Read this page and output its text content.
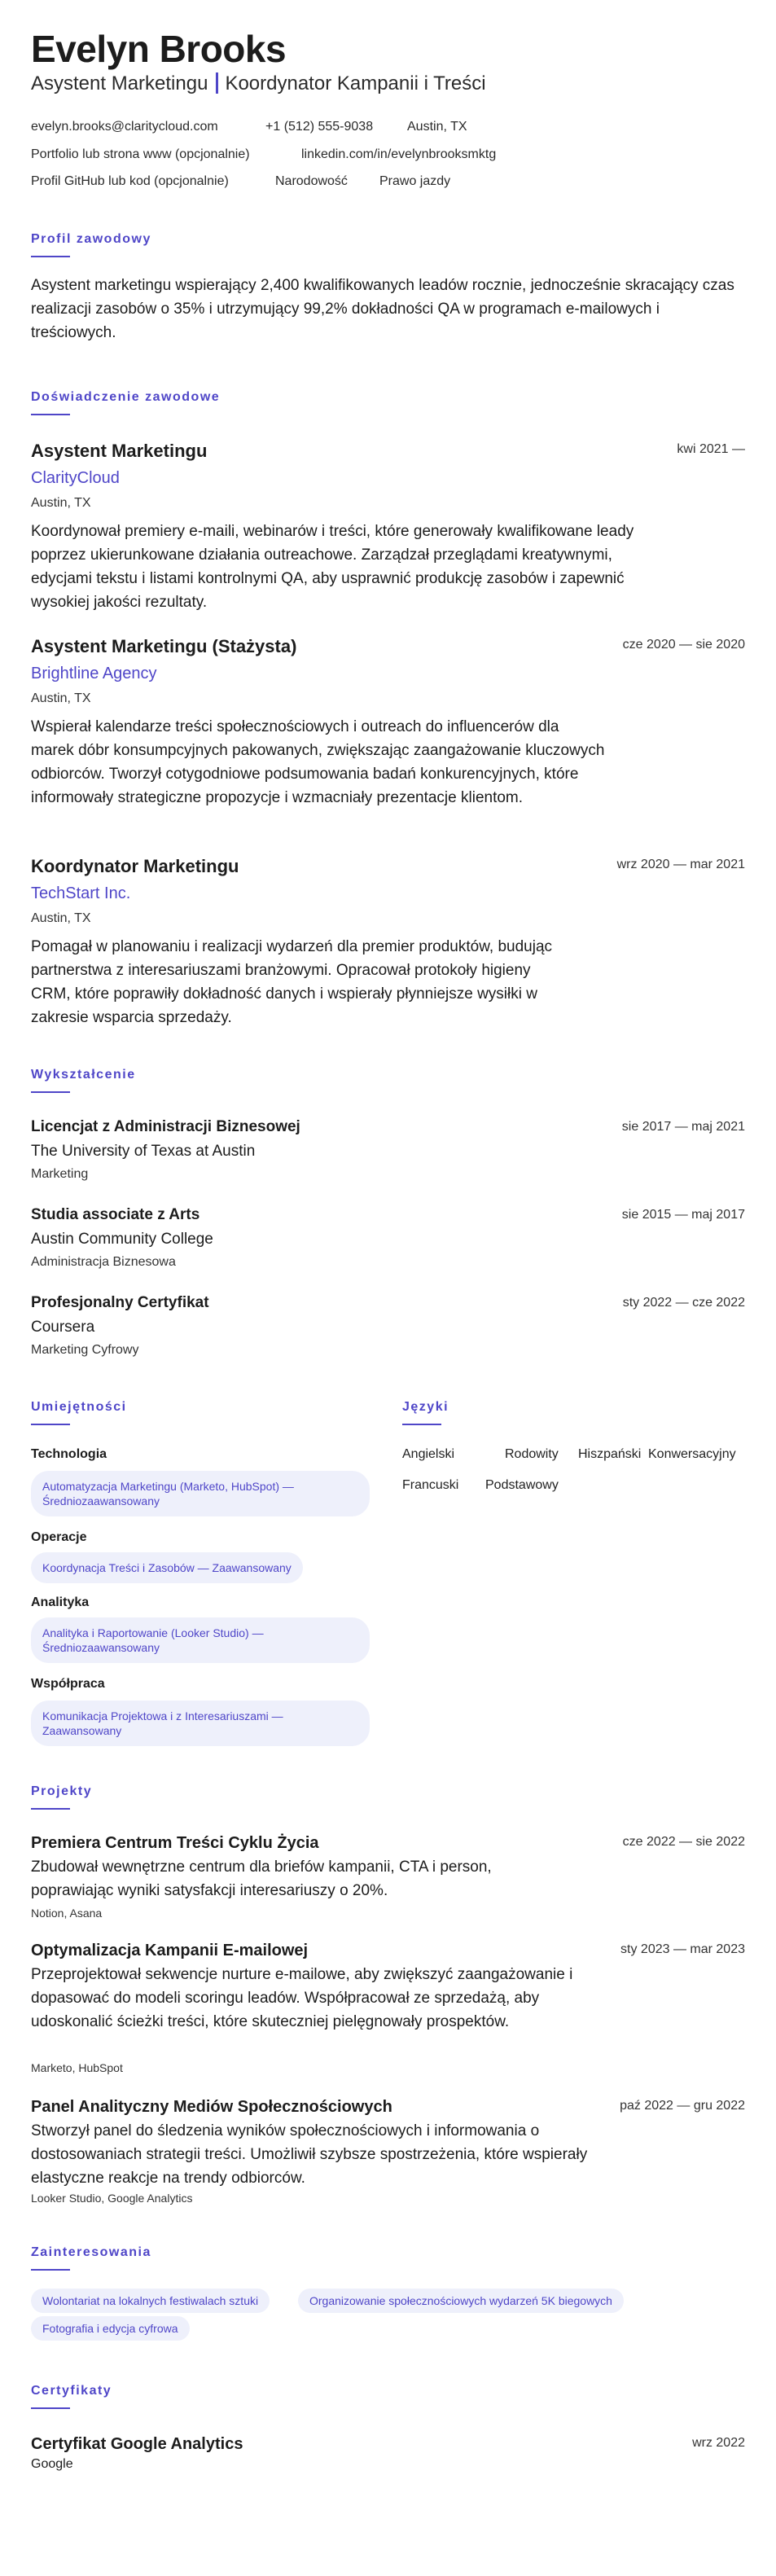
Evelyn Brooks
Asystent Marketingu Koordynator Kampanii i Treści
evelyn.brooks@claritycloud.com	+1 (512) 555-9038	Austin, TX
Portfolio lub strona www (opcjonalnie)	linkedin.com/in/evelynbrooksmktg
Profil GitHub lub kod (opcjonalnie)	Narodowość Prawo jazdy
Profil zawodowy
Asystent marketingu wspierający 2,400 kwalifikowanych leadów rocznie, jednocześnie skracający czas realizacji zasobów o 35% i utrzymujący 99,2% dokładności QA w programach e-mailowych i treściowych.
Doświadczenie zawodowe
Asystent Marketingu	kwi 2021 —
ClarityCloud
Austin, TX
Koordynował premiery e-maili, webinarów i treści, które generowały kwalifikowane leady poprzez ukierunkowane działania outreachowe. Zarządzał przeglądami kreatywnymi, edycjami tekstu i listami kontrolnymi QA, aby usprawnić produkcję zasobów i zapewnić wysokiej jakości rezultaty.
Asystent Marketingu (Stażysta)	cze 2020 — sie 2020
Brightline Agency
Austin, TX
Wspierał kalendarze treści społecznościowych i outreach do influencerów dla marek dóbr konsumpcyjnych pakowanych, zwiększając zaangażowanie kluczowych odbiorców. Tworzył cotygodniowe podsumowania badań konkurencyjnych, które informowały strategiczne propozycje i wzmacniały prezentacje klientom.
Koordynator Marketingu	wrz 2020 — mar 2021
TechStart Inc.
Austin, TX
Pomagał w planowaniu i realizacji wydarzeń dla premier produktów, budując partnerstwa z interesariuszami branżowymi. Opracował protokoły higieny CRM, które poprawiły dokładność danych i wspierały płynniejsze wysiłki w zakresie wsparcia sprzedaży.
Wykształcenie
Licencjat z Administracji Biznesowej	sie 2017 — maj 2021
The University of Texas at Austin
Marketing
Studia associate z Arts	sie 2015 — maj 2017
Austin Community College
Administracja Biznesowa
Profesjonalny Certyfikat	sty 2022 — cze 2022
Coursera
Marketing Cyfrowy
Umiejętności
Technologia
Automatyzacja Marketingu (Marketo, HubSpot) — Średniozaawansowany
Operacje
Koordynacja Treści i Zasobów — Zaawansowany
Analityka
Analityka i Raportowanie (Looker Studio) — Średniozaawansowany
Współpraca
Komunikacja Projektowa i z Interesariuszami — Zaawansowany
Języki
Angielski	Rodowity Hiszpański Konwersacyjny
Francuski Podstawowy
Projekty
Premiera Centrum Treści Cyklu Życia	cze 2022 — sie 2022
Zbudował wewnętrzne centrum dla briefów kampanii, CTA i person, poprawiając wyniki satysfakcji interesariuszy o 20%.
Notion, Asana
Optymalizacja Kampanii E-mailowej	sty 2023 — mar 2023
Przeprojektował sekwencje nurture e-mailowe, aby zwiększyć zaangażowanie i dopasować do modeli scoringu leadów. Współpracował ze sprzedażą, aby udoskonalić ścieżki treści, które skuteczniej pielęgnowały prospektów.
Marketo, HubSpot
Panel Analityczny Mediów Społecznościowych	paź 2022 — gru 2022
Stworzył panel do śledzenia wyników społecznościowych i informowania o dostosowaniach strategii treści. Umożliwił szybsze spostrzeżenia, które wspierały elastyczne reakcje na trendy odbiorców.
Looker Studio, Google Analytics
Zainteresowania
Wolontariat na lokalnych festiwalach sztuki	Organizowanie społecznościowych wydarzeń 5K biegowych
Fotografia i edycja cyfrowa
Certyfikaty
Certyfikat Google Analytics	wrz 2022
Google
